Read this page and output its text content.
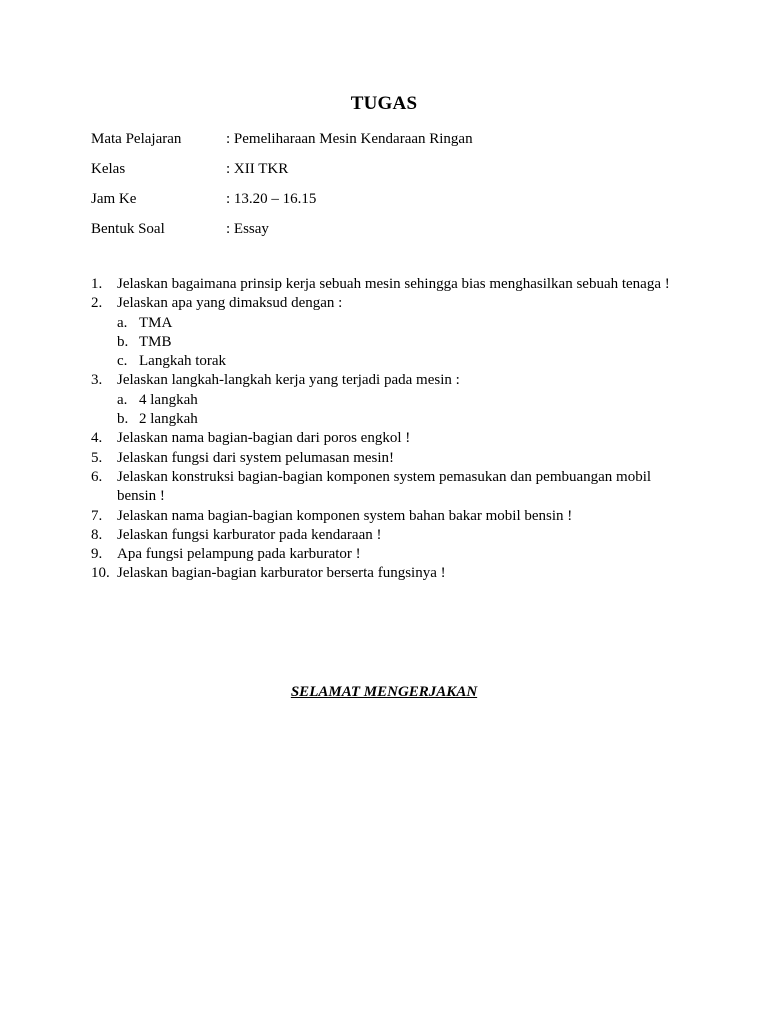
TUGAS
Mata Pelajaran	: Pemeliharaan Mesin Kendaraan Ringan
Kelas	: XII TKR
Jam Ke	: 13.20 – 16.15
Bentuk Soal	: Essay
1. Jelaskan bagaimana prinsip kerja sebuah mesin sehingga bias menghasilkan sebuah tenaga !
2. Jelaskan apa yang dimaksud dengan :
a. TMA
b. TMB
c. Langkah torak
3. Jelaskan langkah-langkah kerja yang terjadi pada mesin :
a. 4 langkah
b. 2 langkah
4. Jelaskan nama bagian-bagian dari poros engkol !
5. Jelaskan fungsi dari system pelumasan mesin!
6. Jelaskan konstruksi bagian-bagian komponen system pemasukan dan pembuangan mobil bensin !
7. Jelaskan nama bagian-bagian komponen system bahan bakar mobil bensin !
8. Jelaskan fungsi karburator pada kendaraan !
9. Apa fungsi pelampung pada karburator !
10. Jelaskan bagian-bagian karburator berserta fungsinya !
SELAMAT MENGERJAKAN
